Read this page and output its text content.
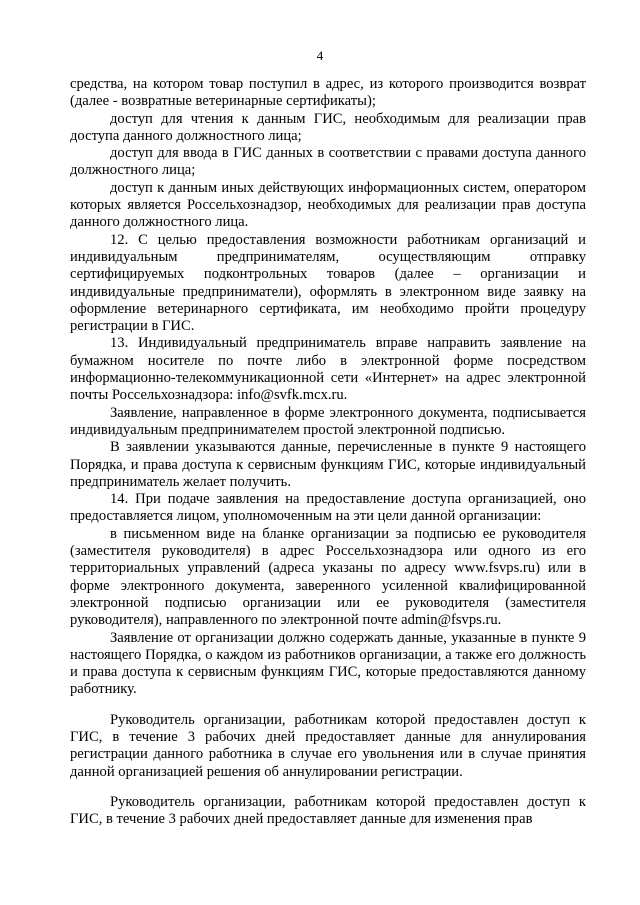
4

средства, на котором товар поступил в адрес, из которого производится возврат (далее - возвратные ветеринарные сертификаты);

доступ для чтения к данным ГИС, необходимым для реализации прав доступа данного должностного лица;

доступ для ввода в ГИС данных в соответствии с правами доступа данного должностного лица;

доступ к данным иных действующих информационных систем, оператором которых является Россельхознадзор, необходимых для реализации прав доступа данного должностного лица.

12. С целью предоставления возможности работникам организаций и индивидуальным предпринимателям, осуществляющим отправку сертифицируемых подконтрольных товаров (далее – организации и индивидуальные предприниматели), оформлять в электронном виде заявку на оформление ветеринарного сертификата, им необходимо пройти процедуру регистрации в ГИС.

13. Индивидуальный предприниматель вправе направить заявление на бумажном носителе по почте либо в электронной форме посредством информационно-телекоммуникационной сети «Интернет» на адрес электронной почты Россельхознадзора: info@svfk.mcx.ru.

Заявление, направленное в форме электронного документа, подписывается индивидуальным предпринимателем простой электронной подписью.

В заявлении указываются данные, перечисленные в пункте 9 настоящего Порядка, и права доступа к сервисным функциям ГИС, которые индивидуальный предприниматель желает получить.

14. При подаче заявления на предоставление доступа организацией, оно предоставляется лицом, уполномоченным на эти цели данной организации:

в письменном виде на бланке организации за подписью ее руководителя (заместителя руководителя) в адрес Россельхознадзора или одного из его территориальных управлений (адреса указаны по адресу www.fsvps.ru) или в форме электронного документа, заверенного усиленной квалифицированной электронной подписью организации или ее руководителя (заместителя руководителя), направленного по электронной почте admin@fsvps.ru.

Заявление от организации должно содержать данные, указанные в пункте 9 настоящего Порядка, о каждом из работников организации, а также его должность и права доступа к сервисным функциям ГИС, которые предоставляются данному работнику.

Руководитель организации, работникам которой предоставлен доступ к ГИС, в течение 3 рабочих дней предоставляет данные для аннулирования регистрации данного работника в случае его увольнения или в случае принятия данной организацией решения об аннулировании регистрации.

Руководитель организации, работникам которой предоставлен доступ к ГИС, в течение 3 рабочих дней предоставляет данные для изменения прав
